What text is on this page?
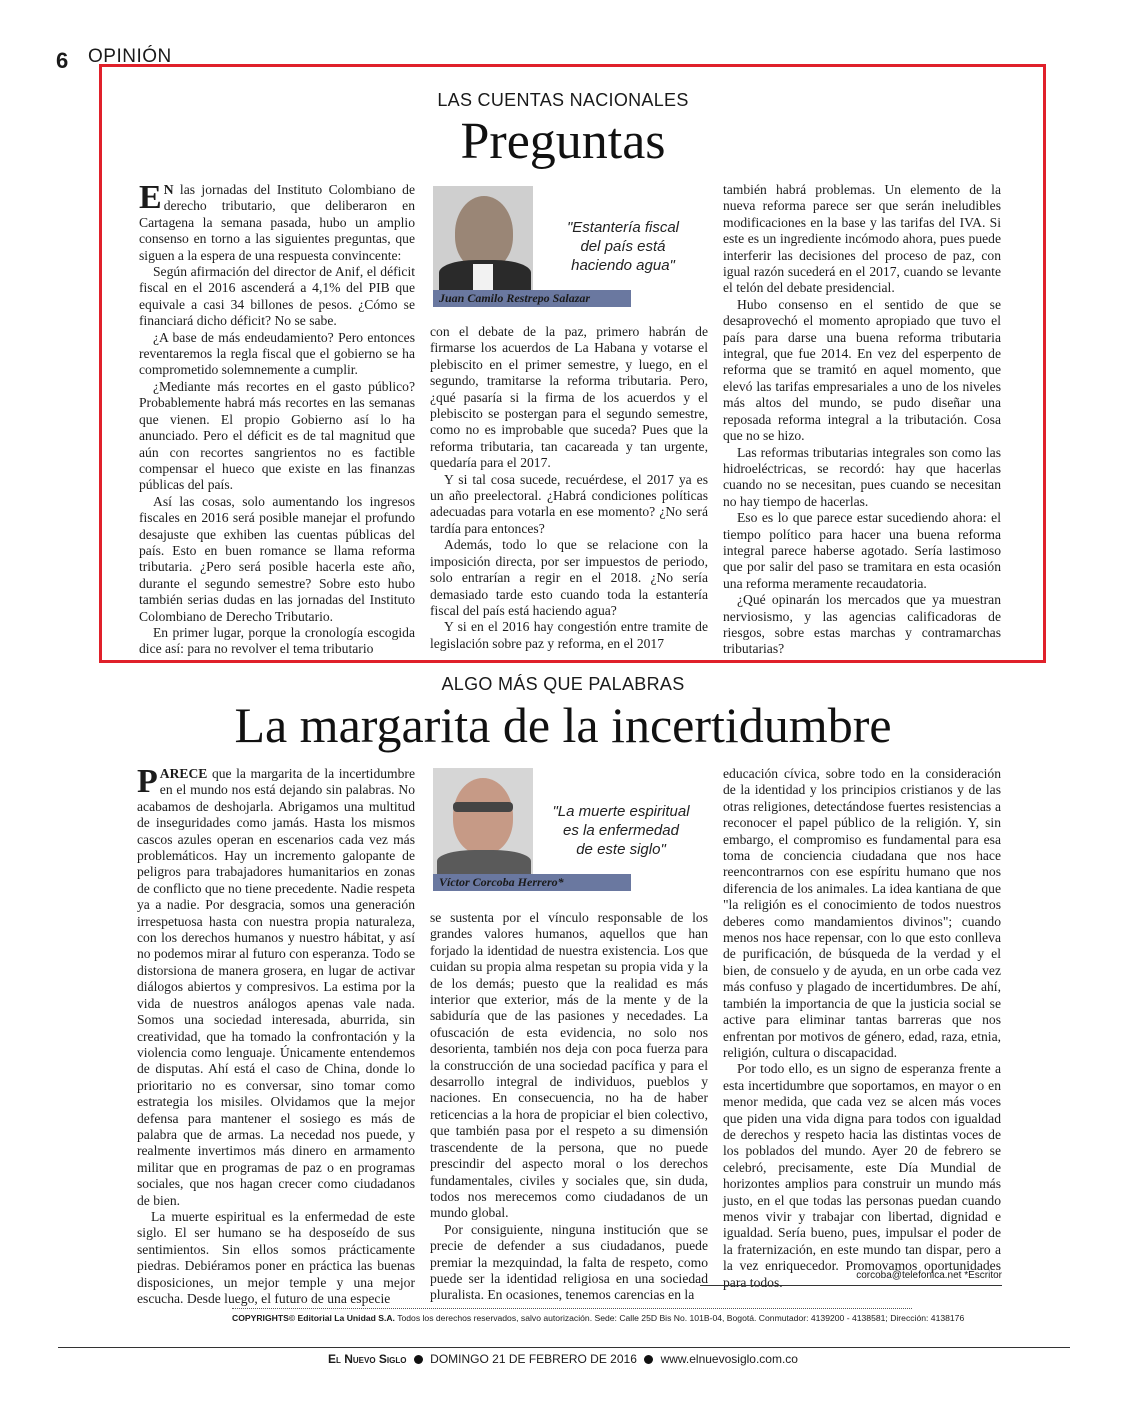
6 OPINIÓN
LAS CUENTAS NACIONALES
Preguntas

E N las jornadas del Instituto Colombiano de derecho tributario, que deliberaron en Cartagena la semana pasada, hubo un amplio consenso en torno a las siguientes preguntas, que siguen a la espera de una respuesta convincente:

Según afirmación del director de Anif, el déficit fiscal en el 2016 ascenderá a 4,1% del PIB que equivale a casi 34 billones de pesos. ¿Cómo se financiará dicho déficit? No se sabe.

¿A base de más endeudamiento? Pero entonces reventaremos la regla fiscal que el gobierno se ha comprometido solemnemente a cumplir.

¿Mediante más recortes en el gasto público? Probablemente habrá más recortes en las semanas que vienen. El propio Gobierno así lo ha anunciado. Pero el déficit es de tal magnitud que aún con recortes sangrientos no es factible compensar el hueco que existe en las finanzas públicas del país.

Así las cosas, solo aumentando los ingresos fiscales en 2016 será posible manejar el profundo desajuste que exhiben las cuentas públicas del país. Esto en buen romance se llama reforma tributaria. ¿Pero será posible hacerla este año, durante el segundo semestre? Sobre esto hubo también serias dudas en las jornadas del Instituto Colombiano de Derecho Tributario.

En primer lugar, porque la cronología escogida dice así: para no revolver el tema tributario

Juan Camilo Restrepo Salazar
"Estantería fiscal
del país está
haciendo agua"

con el debate de la paz, primero habrán de firmarse los acuerdos de La Habana y votarse el plebiscito en el primer semestre, y luego, en el segundo, tramitarse la reforma tributaria. Pero, ¿qué pasaría si la firma de los acuerdos y el plebiscito se postergan para el segundo semestre, como no es improbable que suceda? Pues que la reforma tributaria, tan cacareada y tan urgente, quedaría para el 2017.

Y si tal cosa sucede, recuérdese, el 2017 ya es un año preelectoral. ¿Habrá condiciones políticas adecuadas para votarla en ese momento? ¿No será tardía para entonces?

Además, todo lo que se relacione con la imposición directa, por ser impuestos de periodo, solo entrarían a regir en el 2018. ¿No sería demasiado tarde esto cuando toda la estantería fiscal del país está haciendo agua?

Y si en el 2016 hay congestión entre tramite de legislación sobre paz y reforma, en el 2017

también habrá problemas. Un elemento de la nueva reforma parece ser que serán ineludibles modificaciones en la base y las tarifas del IVA. Si este es un ingrediente incómodo ahora, pues puede interferir las decisiones del proceso de paz, con igual razón sucederá en el 2017, cuando se levante el telón del debate presidencial.

Hubo consenso en el sentido de que se desaprovechó el momento apropiado que tuvo el país para darse una buena reforma tributaria integral, que fue 2014. En vez del esperpento de reforma que se tramitó en aquel momento, que elevó las tarifas empresariales a uno de los niveles más altos del mundo, se pudo diseñar una reposada reforma integral a la tributación. Cosa que no se hizo.

Las reformas tributarias integrales son como las hidroeléctricas, se recordó: hay que hacerlas cuando no se necesitan, pues cuando se necesitan no hay tiempo de hacerlas.

Eso es lo que parece estar sucediendo ahora: el tiempo político para hacer una buena reforma integral parece haberse agotado. Sería lastimoso que por salir del paso se tramitara en esta ocasión una reforma meramente recaudatoria.

¿Qué opinarán los mercados que ya muestran nerviosismo, y las agencias calificadoras de riesgos, sobre estas marchas y contramarchas tributarias?

ALGO MÁS QUE PALABRAS
La margarita de la incertidumbre

PARECE que la margarita de la incertidumbre en el mundo nos está dejando sin palabras. No acabamos de deshojarla. Abrigamos una multitud de inseguridades como jamás. Hasta los mismos cascos azules operan en escenarios cada vez más problemáticos. Hay un incremento galopante de peligros para trabajadores humanitarios en zonas de conflicto que no tiene precedente. Nadie respeta ya a nadie. Por desgracia, somos una generación irrespetuosa hasta con nuestra propia naturaleza, con los derechos humanos y nuestro hábitat, y así no podemos mirar al futuro con esperanza. Todo se distorsiona de manera grosera, en lugar de activar diálogos abiertos y compresivos. La estima por la vida de nuestros análogos apenas vale nada. Somos una sociedad interesada, aburrida, sin creatividad, que ha tomado la confrontación y la violencia como lenguaje. Únicamente entendemos de disputas. Ahí está el caso de China, donde lo prioritario no es conversar, sino tomar como estrategia los misiles. Olvidamos que la mejor defensa para mantener el sosiego es más de palabra que de armas. La necedad nos puede, y realmente invertimos más dinero en armamento militar que en programas de paz o en programas sociales, que nos hagan crecer como ciudadanos de bien.

La muerte espiritual es la enfermedad de este siglo. El ser humano se ha desposeído de sus sentimientos. Sin ellos somos prácticamente piedras. Debiéramos poner en práctica las buenas disposiciones, un mejor temple y una mejor escucha. Desde luego, el futuro de una especie

Víctor Corcoba Herrero*
"La muerte espiritual
es la enfermedad
de este siglo"

se sustenta por el vínculo responsable de los grandes valores humanos, aquellos que han forjado la identidad de nuestra existencia. Los que cuidan su propia alma respetan su propia vida y la de los demás; puesto que la realidad es más interior que exterior, más de la mente y de la sabiduría que de las pasiones y necedades. La ofuscación de esta evidencia, no solo nos desorienta, también nos deja con poca fuerza para la construcción de una sociedad pacífica y para el desarrollo integral de individuos, pueblos y naciones. En consecuencia, no ha de haber reticencias a la hora de propiciar el bien colectivo, que también pasa por el respeto a su dimensión trascendente de la persona, que no puede prescindir del aspecto moral o los derechos fundamentales, civiles y sociales que, sin duda, todos nos merecemos como ciudadanos de un mundo global.

Por consiguiente, ninguna institución que se precie de defender a sus ciudadanos, puede premiar la mezquindad, la falta de respeto, como puede ser la identidad religiosa en una sociedad pluralista. En ocasiones, tenemos carencias en la

educación cívica, sobre todo en la consideración de la identidad y los principios cristianos y de las otras religiones, detectándose fuertes resistencias a reconocer el papel público de la religión. Y, sin embargo, el compromiso es fundamental para esa toma de conciencia ciudadana que nos hace reencontrarnos con ese espíritu humano que nos diferencia de los animales. La idea kantiana de que "la religión es el conocimiento de todos nuestros deberes como mandamientos divinos"; cuando menos nos hace repensar, con lo que esto conlleva de purificación, de búsqueda de la verdad y el bien, de consuelo y de ayuda, en un orbe cada vez más confuso y plagado de incertidumbres. De ahí, también la importancia de que la justicia social se active para eliminar tantas barreras que nos enfrentan por motivos de género, edad, raza, etnia, religión, cultura o discapacidad.

Por todo ello, es un signo de esperanza frente a esta incertidumbre que soportamos, en mayor o en menor medida, que cada vez se alcen más voces que piden una vida digna para todos con igualdad de derechos y respeto hacia las distintas voces de los poblados del mundo. Ayer 20 de febrero se celebró, precisamente, este Día Mundial de horizontes amplios para construir un mundo más justo, en el que todas las personas puedan cuando menos vivir y trabajar con libertad, dignidad e igualdad. Sería bueno, pues, impulsar el poder de la fraternización, en este mundo tan dispar, pero a la vez enriquecedor. Promovamos oportunidades para todos.	corcoba@telefonica.net *Escritor
COPYRIGHTS© Editorial La Unidad S.A. Todos los derechos reservados, salvo autorización. Sede: Calle 25D Bis No. 101B-04, Bogotá. Conmutador: 4139200 - 4138581; Dirección: 4138176
El Nuevo Siglo DOMINGO 21 DE FEBRERO DE 2016 www.elnuevosiglo.com.co
